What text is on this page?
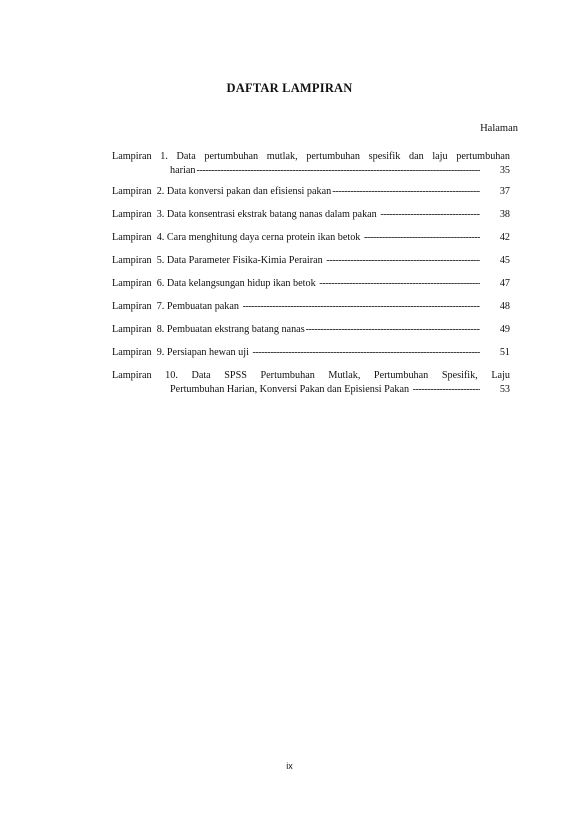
DAFTAR LAMPIRAN
Halaman
Lampiran 1. Data pertumbuhan mutlak, pertumbuhan spesifik dan laju pertumbuhan
harian -----	35
Lampiran  2. Data konversi pakan dan efisiensi pakan -----	37
Lampiran  3. Data konsentrasi ekstrak batang nanas dalam pakan -----	38
Lampiran  4. Cara menghitung daya cerna protein ikan betok -----	42
Lampiran  5. Data Parameter Fisika-Kimia Perairan -----	45
Lampiran  6. Data kelangsungan hidup ikan betok -----	47
Lampiran  7. Pembuatan pakan -----	48
Lampiran  8. Pembuatan ekstrang batang nanas -----	49
Lampiran  9. Persiapan hewan uji -----	51
Lampiran 10. Data SPSS Pertumbuhan Mutlak, Pertumbuhan Spesifik, Laju
Pertumbuhan Harian, Konversi Pakan dan Episiensi Pakan -----	53
ix
